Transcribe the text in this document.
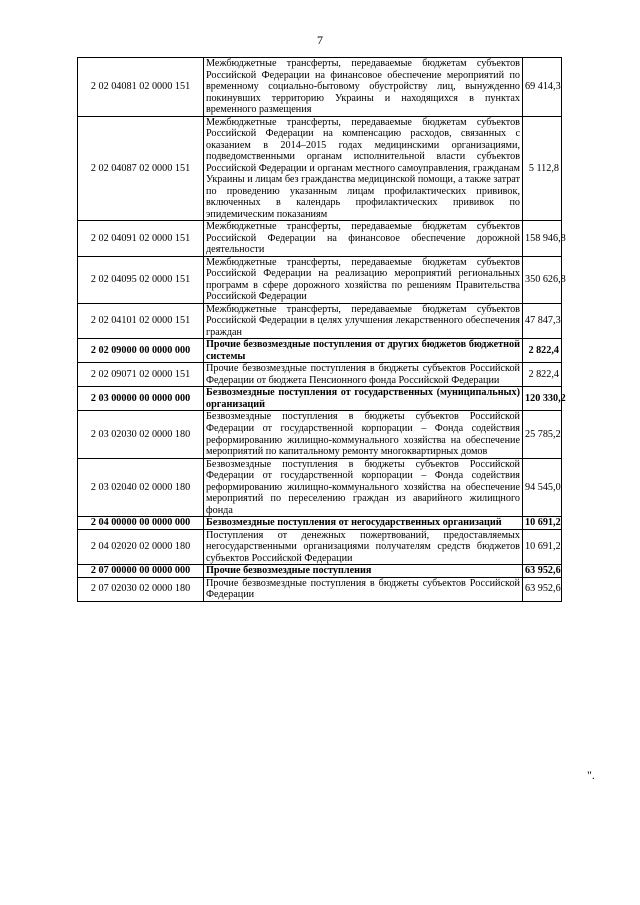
7
2 02 04081 02 0000 151	Межбюджетные трансферты, передаваемые бюджетам субъектов Российской Федерации на финансовое обеспечение мероприятий по временному социально-бытовому обустройству лиц, вынужденно покинувших территорию Украины и находящихся в пунктах временного размещения	69 414,3
2 02 04087 02 0000 151	Межбюджетные трансферты, передаваемые бюджетам субъектов Российской Федерации на компенсацию расходов, связанных с оказанием в 2014–2015 годах медицинскими организациями, подведомственными органам исполнительной власти субъектов Российской Федерации и органам местного самоуправления, гражданам Украины и лицам без гражданства медицинской помощи, а также затрат по проведению указанным лицам профилактических прививок, включенных в календарь профилактических прививок по эпидемическим показаниям	5 112,8
2 02 04091 02 0000 151	Межбюджетные трансферты, передаваемые бюджетам субъектов Российской Федерации на финансовое обеспечение дорожной деятельности	158 946,8
2 02 04095 02 0000 151	Межбюджетные трансферты, передаваемые бюджетам субъектов Российской Федерации на реализацию мероприятий региональных программ в сфере дорожного хозяйства по решениям Правительства Российской Федерации	350 626,8
2 02 04101 02 0000 151	Межбюджетные трансферты, передаваемые бюджетам субъектов Российской Федерации в целях улучшения лекарственного обеспечения граждан	47 847,3
2 02 09000 00 0000 000	Прочие безвозмездные поступления от других бюджетов бюджетной системы	2 822,4
2 02 09071 02 0000 151	Прочие безвозмездные поступления в бюджеты субъектов Российской Федерации от бюджета Пенсионного фонда Российской Федерации	2 822,4
2 03 00000 00 0000 000	Безвозмездные поступления от государственных (муниципальных) организаций	120 330,2
2 03 02030 02 0000 180	Безвозмездные поступления в бюджеты субъектов Российской Федерации от государственной корпорации – Фонда содействия реформированию жилищно-коммунального хозяйства на обеспечение мероприятий по капитальному ремонту многоквартирных домов	25 785,2
2 03 02040 02 0000 180	Безвозмездные поступления в бюджеты субъектов Российской Федерации от государственной корпорации – Фонда содействия реформированию жилищно-коммунального хозяйства на обеспечение мероприятий по переселению граждан из аварийного жилищного фонда	94 545,0
2 04 00000 00 0000 000	Безвозмездные поступления от негосударственных организаций	10 691,2
2 04 02020 02 0000 180	Поступления от денежных пожертвований, предоставляемых негосударственными организациями получателям средств бюджетов субъектов Российской Федерации	10 691,2
2 07 00000 00 0000 000	Прочие безвозмездные поступления	63 952,6
2 07 02030 02 0000 180	Прочие безвозмездные поступления в бюджеты субъектов Российской Федерации	63 952,6
".
